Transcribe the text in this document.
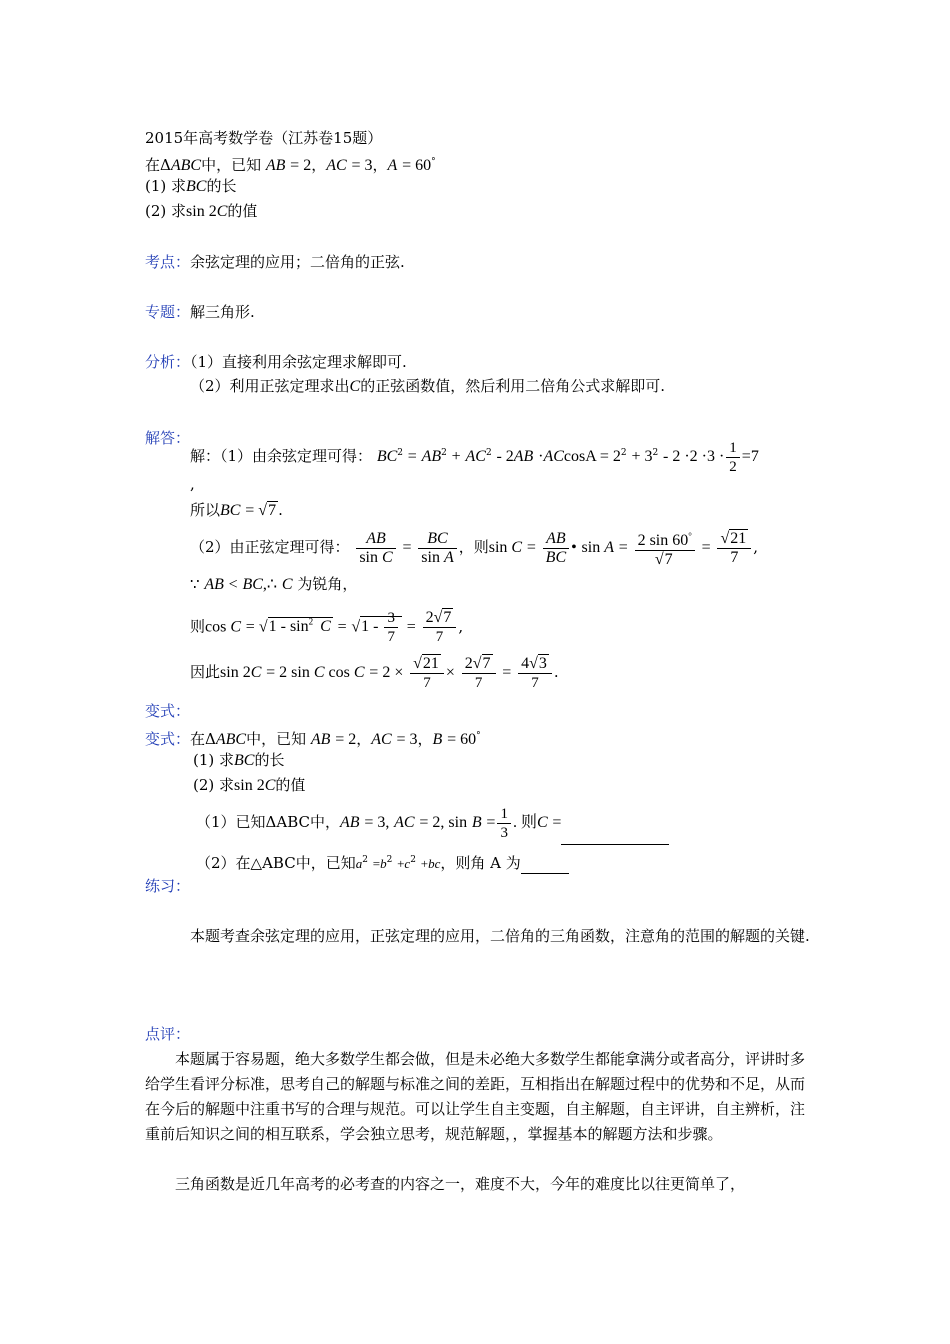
2015年高考数学卷（江苏卷15题）
在ΔABC中，已知 AB = 2，AC = 3，A = 60°
(1) 求BC的长
(2) 求sin 2C的值
考点：余弦定理的应用；二倍角的正弦.
专题：解三角形.
分析：（1）直接利用余弦定理求解即可.
（2）利用正弦定理求出C的正弦函数值，然后利用二倍角公式求解即可.
解答：
解：（1）由余弦定理可得： $BC^2 = AB^2 + AC^2 - 2AB \cdot ACcosA = 2^2 + 3^2 - 2 \cdot 2 \cdot 3 \cdot \frac{1}{2} =7$
,
所以BC = √7 .
（2）由正弦定理可得： $\frac{AB}{\text{sin C}} = \frac{BC}{\text{sin A}}$ ，则$\sin C = \frac{AB}{BC}$ • $\sin A = \frac{2 \sin 60^\circ}{√7} = \frac{√21}{7}$ ,
∵ AB < BC,∴ C 为锐角，
则$\cos C = √1 - \sin^2 C = √1 - \frac{3}{7} = \frac{2√7}{7}$ ,
因此sin 2C = 2 sin C $\cos C = 2 \times \frac{√21}{7} \times \frac{2√7}{7} = \frac{4√3}{7}$ .
变式：
变式：在ΔABC中，已知 AB = 2，AC = 3，B = 60°
(1) 求BC的长
(2) 求sin 2C的值
（1）已知ΔABC中，AB = 3, AC = 2, $\sin B = \frac{1}{3}$ . 则C =
（2）在△ABC中，已知$a^2 =b^2 +c^2 +bc$，则角 A 为
练习：
本题考查余弦定理的应用，正弦定理的应用，二倍角的三角函数，注意角的范围的解题的关键.
点评：
本题属于容易题，绝大多数学生都会做，但是未必绝大多数学生都能拿满分或者高分，评讲时多给学生看评分标准，思考自己的解题与标准之间的差距，互相指出在解题过程中的优势和不足，从而在今后的解题中注重书写的合理与规范。可以让学生自主变题，自主解题，自主评讲，自主辨析，注重前后知识之间的相互联系，学会独立思考，规范解题，，掌握基本的解题方法和步骤。
三角函数是近几年高考的必考查的内容之一，难度不大，今年的难度比以往更简单了，
